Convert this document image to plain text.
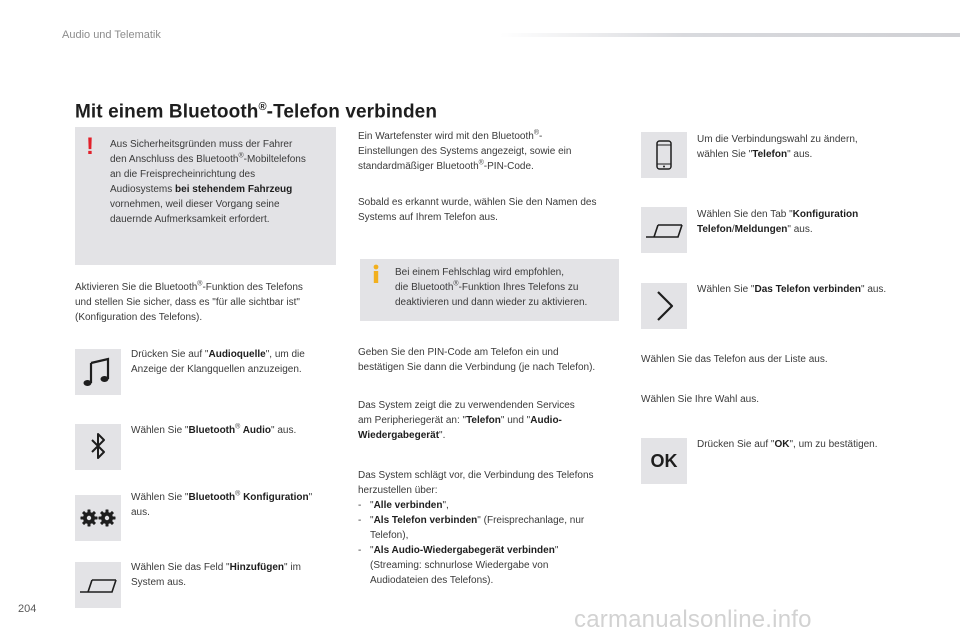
Audio und Telematik
Mit einem Bluetooth®-Telefon verbinden
!	Aus Sicherheitsgründen muss der Fahrer
den Anschluss des Bluetooth®-Mobiltelefons
an die Freisprecheinrichtung des
Audiosystems bei stehendem Fahrzeug
vornehmen, weil dieser Vorgang seine
dauernde Aufmerksamkeit erfordert.
Aktivieren Sie die Bluetooth®-Funktion des Telefons
und stellen Sie sicher, dass es "für alle sichtbar ist"
(Konfiguration des Telefons).
Drücken Sie auf "Audioquelle", um die
Anzeige der Klangquellen anzuzeigen.
Wählen Sie "Bluetooth® Audio" aus.
Wählen Sie "Bluetooth® Konfiguration"
aus.
Wählen Sie das Feld "Hinzufügen" im
System aus.
Ein Wartefenster wird mit den Bluetooth®-
Einstellungen des Systems angezeigt, sowie ein
standardmäßiger Bluetooth®-PIN-Code.
Sobald es erkannt wurde, wählen Sie den Namen des
Systems auf Ihrem Telefon aus.
Bei einem Fehlschlag wird empfohlen,
die Bluetooth®-Funktion Ihres Telefons zu
deaktivieren und dann wieder zu aktivieren.
Geben Sie den PIN-Code am Telefon ein und
bestätigen Sie dann die Verbindung (je nach Telefon).
Das System zeigt die zu verwendenden Services
am Peripheriegerät an: "Telefon" und "Audio-
Wiedergabegerät".
Das System schlägt vor, die Verbindung des Telefons
herzustellen über:
- "Alle verbinden",
- "Als Telefon verbinden" (Freisprechanlage, nur
Telefon),
- "Als Audio-Wiedergabegerät verbinden"
(Streaming: schnurlose Wiedergabe von
Audiodateien des Telefons).
Um die Verbindungswahl zu ändern,
wählen Sie "Telefon" aus.
Wählen Sie den Tab "Konfiguration
Telefon/Meldungen" aus.
Wählen Sie "Das Telefon verbinden" aus.
Wählen Sie das Telefon aus der Liste aus.
Wählen Sie Ihre Wahl aus.
OK
Drücken Sie auf "OK", um zu bestätigen.
204	carmanualsonline.info
